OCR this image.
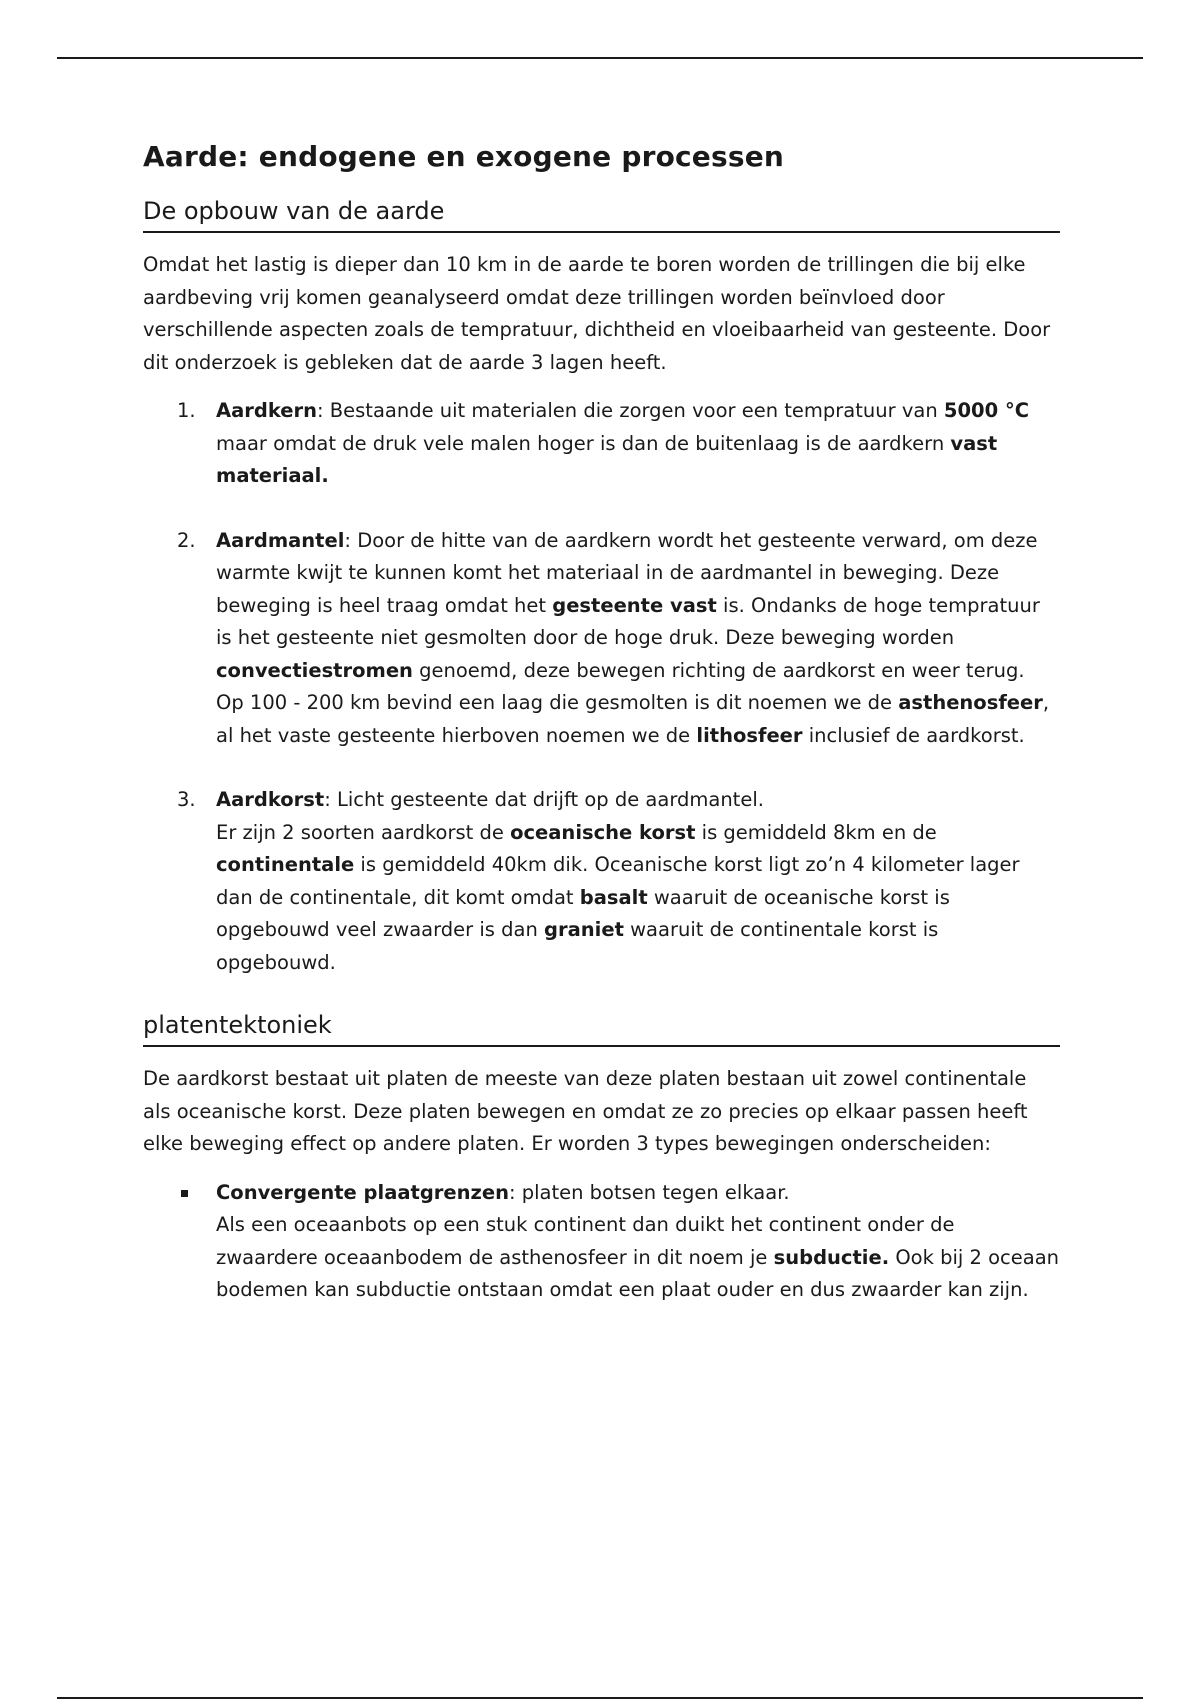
Aarde: endogene en exogene processen
De opbouw van de aarde

Omdat het lastig is dieper dan 10 km in de aarde te boren worden de trillingen die bij elke aardbeving vrij komen geanalyseerd omdat deze trillingen worden beïnvloed door verschillende aspecten zoals de tempratuur, dichtheid en vloeibaarheid van gesteente. Door dit onderzoek is gebleken dat de aarde 3 lagen heeft.

1.	Aardkern: Bestaande uit materialen die zorgen voor een tempratuur van 5000 °C maar omdat de druk vele malen hoger is dan de buitenlaag is de aardkern vast materiaal.

2.	Aardmantel: Door de hitte van de aardkern wordt het gesteente verward, om deze warmte kwijt te kunnen komt het materiaal in de aardmantel in beweging. Deze beweging is heel traag omdat het gesteente vast is. Ondanks de hoge tempratuur is het gesteente niet gesmolten door de hoge druk. Deze beweging worden convectiestromen genoemd, deze bewegen richting de aardkorst en weer terug.

Op 100 - 200 km bevind een laag die gesmolten is dit noemen we de asthenosfeer, al het vaste gesteente hierboven noemen we de lithosfeer inclusief de aardkorst.

3.	Aardkorst: Licht gesteente dat drijft op de aardmantel.

Er zijn 2 soorten aardkorst de oceanische korst is gemiddeld 8km en de continentale is gemiddeld 40km dik. Oceanische korst ligt zo’n 4 kilometer lager dan de continentale, dit komt omdat basalt waaruit de oceanische korst is opgebouwd veel zwaarder is dan graniet waaruit de continentale korst is opgebouwd.

platentektoniek

De aardkorst bestaat uit platen de meeste van deze platen bestaan uit zowel continentale als oceanische korst. Deze platen bewegen en omdat ze zo precies op elkaar passen heeft elke beweging effect op andere platen. Er worden 3 types bewegingen onderscheiden:

Convergente plaatgrenzen: platen botsen tegen elkaar.

Als een oceaanbots op een stuk continent dan duikt het continent onder de zwaardere oceaanbodem de asthenosfeer in dit noem je subductie. Ook bij 2 oceaan bodemen kan subductie ontstaan omdat een plaat ouder en dus zwaarder kan zijn.
